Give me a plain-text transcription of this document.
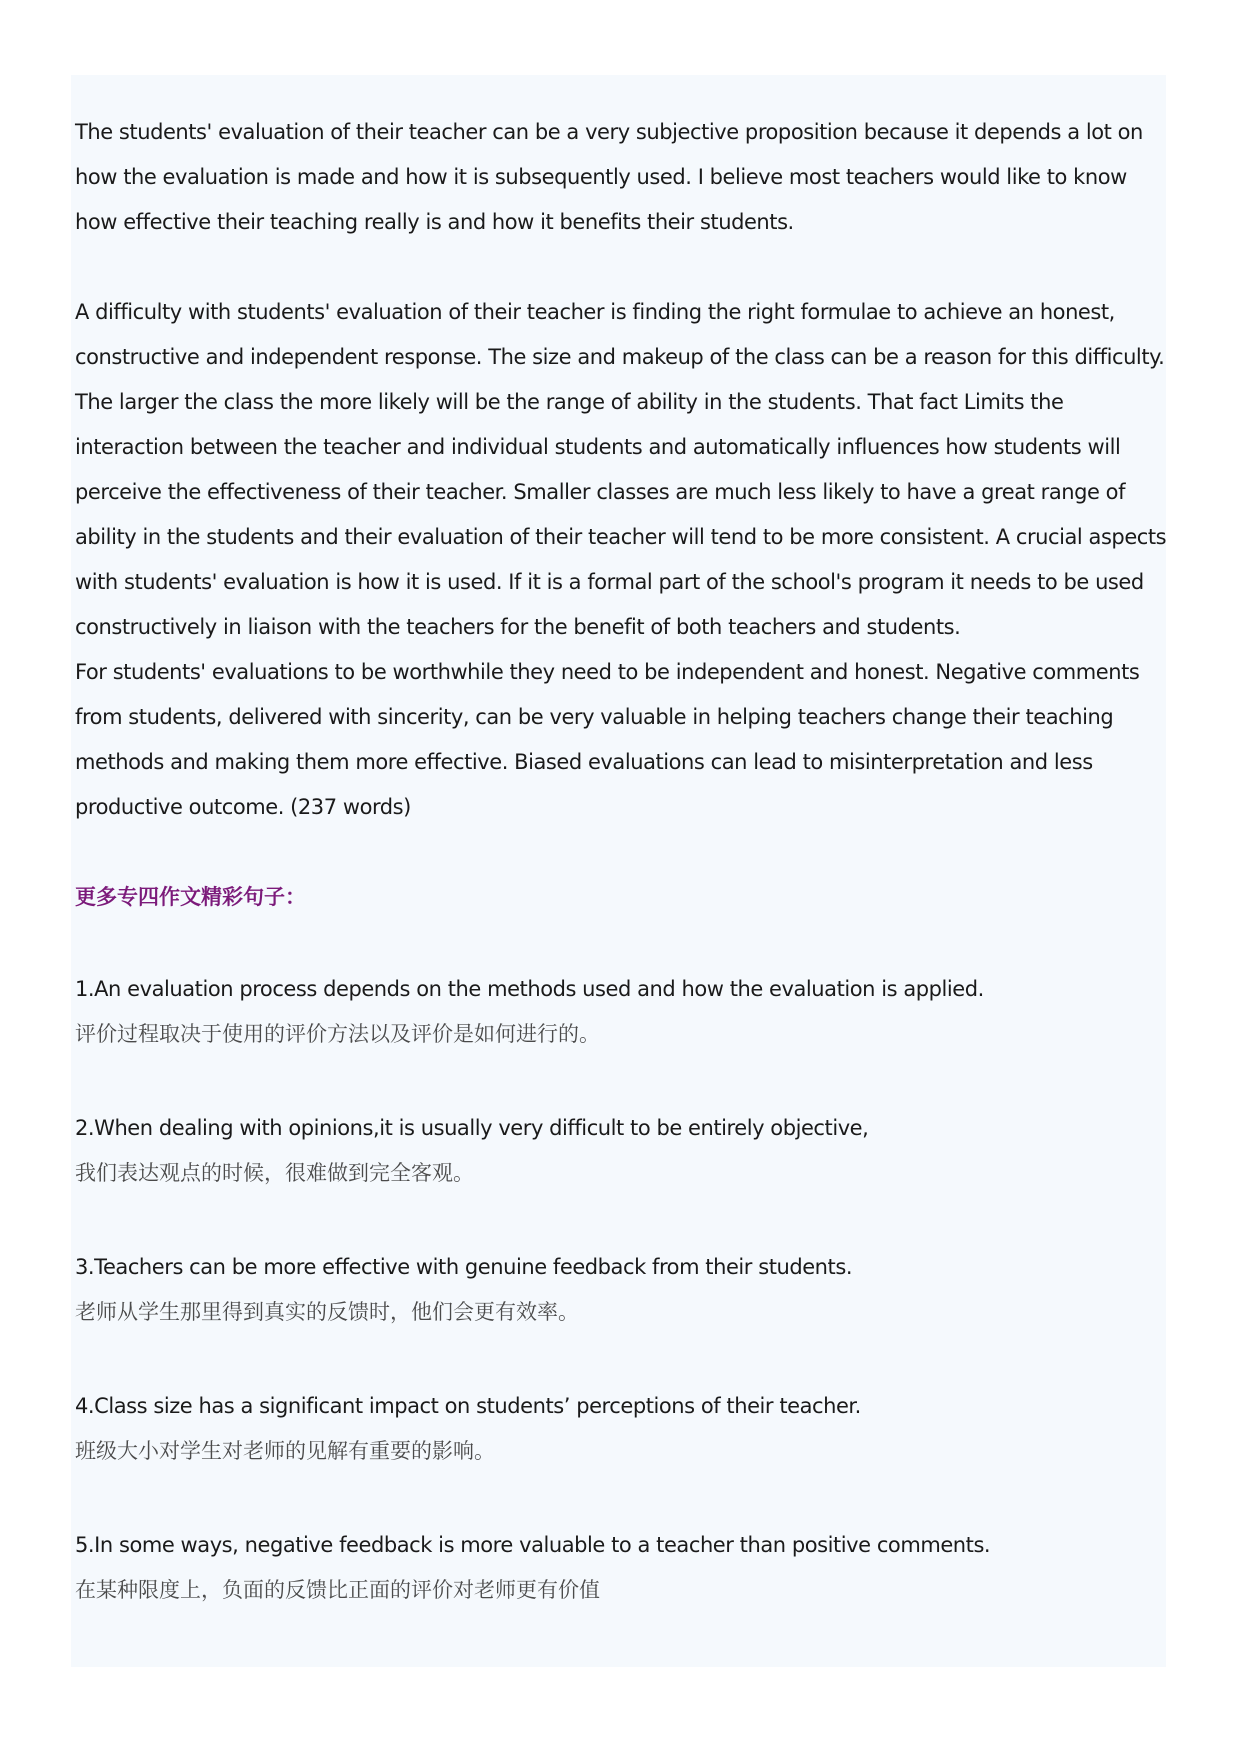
The students' evaluation of their teacher can be a very subjective proposition because it depends a lot on how the evaluation is made and how it is subsequently used. I believe most teachers would like to know how effective their teaching really is and how it benefits their students.

A difficulty with students' evaluation of their teacher is finding the right formulae to achieve an honest, constructive and independent response. The size and makeup of the class can be a reason for this difficulty. The larger the class the more likely will be the range of ability in the students. That fact Limits the interaction between the teacher and individual students and automatically influences how students will perceive the effectiveness of their teacher. Smaller classes are much less likely to have a great range of ability in the students and their evaluation of their teacher will tend to be more consistent. A crucial aspects with students' evaluation is how it is used. If it is a formal part of the school's program it needs to be used constructively in liaison with the teachers for the benefit of both teachers and students.

For students' evaluations to be worthwhile they need to be independent and honest. Negative comments from students, delivered with sincerity, can be very valuable in helping teachers change their teaching methods and making them more effective. Biased evaluations can lead to misinterpretation and less productive outcome. (237 words)

更多专四作文精彩句子：

1.An evaluation process depends on the methods used and how the evaluation is applied.
评价过程取决于使用的评价方法以及评价是如何进行的。
2.When dealing with opinions,it is usually very difficult to be entirely objective,
我们表达观点的时候，很难做到完全客观。
3.Teachers can be more effective with genuine feedback from their students.
老师从学生那里得到真实的反馈时，他们会更有效率。
4.Class size has a significant impact on students’ perceptions of their teacher.
班级大小对学生对老师的见解有重要的影响。
5.In some ways, negative feedback is more valuable to a teacher than positive comments.
在某种限度上，负面的反馈比正面的评价对老师更有价值
